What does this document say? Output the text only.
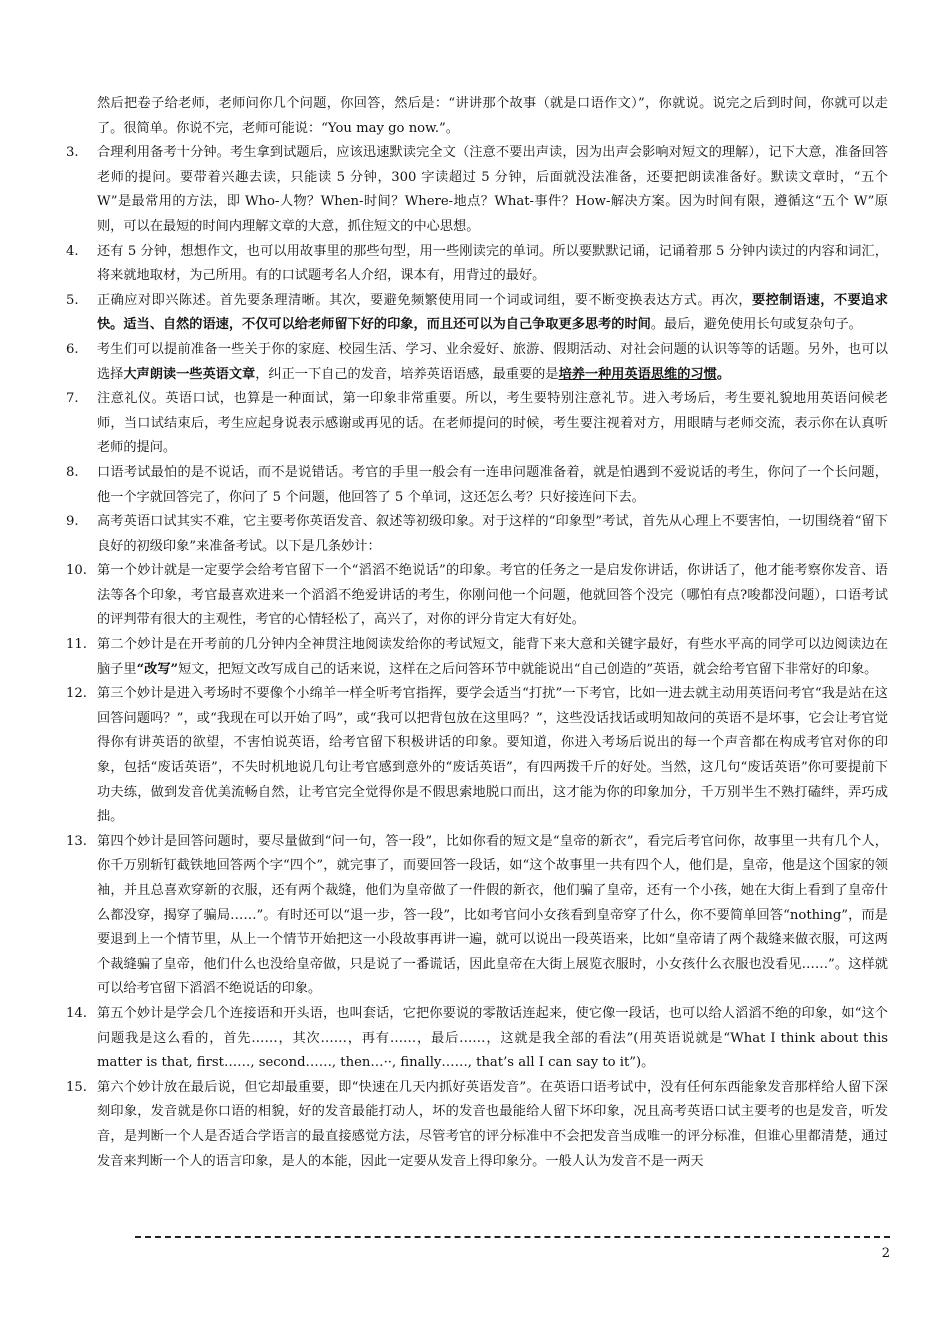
然后把卷子给老师，老师问你几个问题，你回答，然后是：“讲讲那个故事（就是口语作文）”，你就说。说完之后到时间，你就可以走了。很简单。你说不完，老师可能说：“You may go now.”。
3.	合理利用备考十分钟。考生拿到试题后，应该迅速默读完全文（注意不要出声读，因为出声会影响对短文的理解），记下大意，准备回答老师的提问。要带着兴趣去读，只能读 5 分钟，300 字读超过 5 分钟，后面就没法准备，还要把朗读准备好。默读文章时，“五个 W”是最常用的方法，即 Who-人物？When-时间？Where-地点？What-事件？How-解决方案。因为时间有限，遵循这“五个 W”原则，可以在最短的时间内理解文章的大意，抓住短文的中心思想。
4.	还有 5 分钟，想想作文，也可以用故事里的那些句型，用一些刚读完的单词。所以要默默记诵，记诵着那 5 分钟内读过的内容和词汇，将来就地取材，为己所用。有的口试题考名人介绍，课本有，用背过的最好。
5.	正确应对即兴陈述。首先要条理清晰。其次，要避免频繁使用同一个词或词组，要不断变换表达方式。再次，要控制语速，不要追求快。适当、自然的语速，不仅可以给老师留下好的印象，而且还可以为自己争取更多思考的时间。最后，避免使用长句或复杂句子。
6.	考生们可以提前准备一些关于你的家庭、校园生活、学习、业余爱好、旅游、假期活动、对社会问题的认识等等的话题。另外，也可以选择大声朗读一些英语文章，纠正一下自己的发音，培养英语语感，最重要的是培养一种用英语思维的习惯。
7.	注意礼仪。英语口试，也算是一种面试，第一印象非常重要。所以，考生要特别注意礼节。进入考场后，考生要礼貌地用英语问候老师，当口试结束后，考生应起身说表示感谢或再见的话。在老师提问的时候，考生要注视着对方，用眼睛与老师交流，表示你在认真听老师的提问。
8.	口语考试最怕的是不说话，而不是说错话。考官的手里一般会有一连串问题准备着，就是怕遇到不爱说话的考生，你问了一个长问题，他一个字就回答完了，你问了 5 个问题，他回答了 5 个单词，这还怎么考？只好接连问下去。
9.	高考英语口试其实不难，它主要考你英语发音、叙述等初级印象。对于这样的“印象型”考试，首先从心理上不要害怕，一切围绕着“留下良好的初级印象”来准备考试。以下是几条妙计：
10. 第一个妙计就是一定要学会给考官留下一个“滔滔不绝说话”的印象。考官的任务之一是启发你讲话，你讲话了，他才能考察你发音、语法等各个印象，考官最喜欢进来一个滔滔不绝爱讲话的考生，你刚问他一个问题，他就回答个没完（哪怕有点?唆都没问题），口语考试的评判带有很大的主观性，考官的心情轻松了，高兴了，对你的评分肯定大有好处。
11. 第二个妙计是在开考前的几分钟内全神贯注地阅读发给你的考试短文，能背下来大意和关键字最好，有些水平高的同学可以边阅读边在脑子里“改写”短文，把短文改写成自己的话来说，这样在之后问答环节中就能说出“自己创造的”英语，就会给考官留下非常好的印象。
12. 第三个妙计是进入考场时不要像个小绵羊一样全听考官指挥，要学会适当“打扰”一下考官，比如一进去就主动用英语问考官“我是站在这回答问题吗？”，或“我现在可以开始了吗”，或“我可以把背包放在这里吗？”，这些没话找话或明知故问的英语不是坏事，它会让考官觉得你有讲英语的欲望，不害怕说英语，给考官留下积极讲话的印象。要知道，你进入考场后说出的每一个声音都在构成考官对你的印象，包括“废话英语”，不失时机地说几句让考官感到意外的“废话英语”，有四两拨千斤的好处。当然，这几句“废话英语”你可要提前下功夫练，做到发音优美流畅自然，让考官完全觉得你是不假思索地脱口而出，这才能为你的印象加分，千万别半生不熟打磕绊，弄巧成拙。
13. 第四个妙计是回答问题时，要尽量做到“问一句，答一段”，比如你看的短文是“皇帝的新衣”，看完后考官问你，故事里一共有几个人，你千万别斩钉截铁地回答两个字“四个”，就完事了，而要回答一段话，如“这个故事里一共有四个人，他们是，皇帝，他是这个国家的领袖，并且总喜欢穿新的衣服，还有两个裁缝，他们为皇帝做了一件假的新衣，他们骗了皇帝，还有一个小孩，她在大街上看到了皇帝什么都没穿，揭穿了骗局……”。有时还可以“退一步，答一段”，比如考官问小女孩看到皇帝穿了什么，你不要简单回答“nothing”，而是要退到上一个情节里，从上一个情节开始把这一小段故事再讲一遍，就可以说出一段英语来，比如“皇帝请了两个裁缝来做衣服，可这两个裁缝骗了皇帝，他们什么也没给皇帝做，只是说了一番谎话，因此皇帝在大街上展览衣服时，小女孩什么衣服也没看见……”。这样就可以给考官留下滔滔不绝说话的印象。
14. 第五个妙计是学会几个连接语和开头语，也叫套话，它把你要说的零散话连起来，使它像一段话，也可以给人滔滔不绝的印象，如“这个问题我是这么看的，首先……，其次……，再有……，最后……，这就是我全部的看法”(用英语说就是“What I think about this matter is that, first……, second……, then…··, finally……, that’s all I can say to it”)。
15. 第六个妙计放在最后说，但它却最重要，即“快速在几天内抓好英语发音”。在英语口语考试中，没有任何东西能象发音那样给人留下深刻印象，发音就是你口语的相貌，好的发音最能打动人，坏的发音也最能给人留下坏印象，况且高考英语口试主要考的也是发音，听发音，是判断一个人是否适合学语言的最直接感觉方法，尽管考官的评分标准中不会把发音当成唯一的评分标准，但谁心里都清楚，通过发音来判断一个人的语言印象，是人的本能，因此一定要从发音上得印象分。一般人认为发音不是一两天
2
